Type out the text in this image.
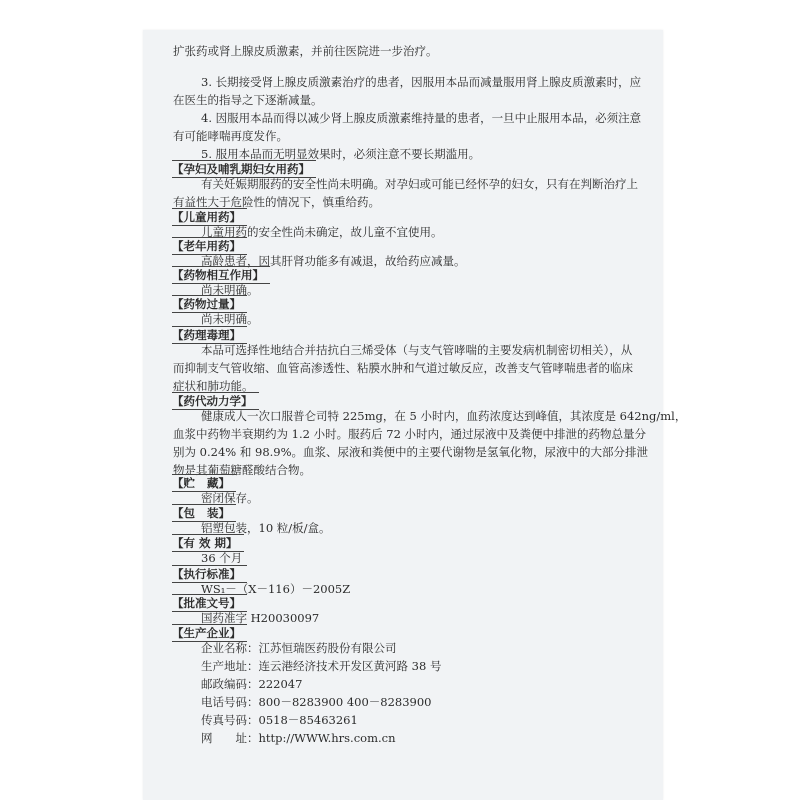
扩张药或肾上腺皮质激素，并前往医院进一步治疗。
3. 长期接受肾上腺皮质激素治疗的患者，因服用本品而减量服用肾上腺皮质激素时，应
在医生的指导之下逐渐减量。
4. 因服用本品而得以减少肾上腺皮质激素维持量的患者，一旦中止服用本品，必须注意
有可能哮喘再度发作。
5. 服用本品而无明显效果时，必须注意不要长期滥用。
【孕妇及哺乳期妇女用药】
有关妊娠期服药的安全性尚未明确。对孕妇或可能已经怀孕的妇女，只有在判断治疗上
有益性大于危险性的情况下，慎重给药。
【儿童用药】
儿童用药的安全性尚未确定，故儿童不宜使用。
【老年用药】
高龄患者，因其肝肾功能多有减退，故给药应减量。
【药物相互作用】
尚未明确。
【药物过量】
尚未明确。
【药理毒理】
本品可选择性地结合并拮抗白三烯受体（与支气管哮喘的主要发病机制密切相关），从
而抑制支气管收缩、血管高渗透性、粘膜水肿和气道过敏反应，改善支气管哮喘患者的临床
症状和肺功能。
【药代动力学】
健康成人一次口服普仑司特 225mg，在 5 小时内，血药浓度达到峰值，其浓度是 642ng/ml，
血浆中药物半衰期约为 1.2 小时。服药后 72 小时内，通过尿液中及粪便中排泄的药物总量分
别为 0.24% 和 98.9%。血浆、尿液和粪便中的主要代谢物是氢氧化物，尿液中的大部分排泄
物是其葡萄糖醛酸结合物。
【贮 藏】
密闭保存。
【包 装】
铝塑包装，10 粒/板/盒。
【有 效 期】
36 个月
【执行标准】
WS₁－（X－116）－2005Z
【批准文号】
国药准字 H20030097
【生产企业】
企业名称：江苏恒瑞医药股份有限公司
生产地址：连云港经济技术开发区黄河路 38 号
邮政编码：222047
电话号码：800－8283900 400－8283900
传真号码：0518－85463261
网　　址：http://WWW.hrs.com.cn
